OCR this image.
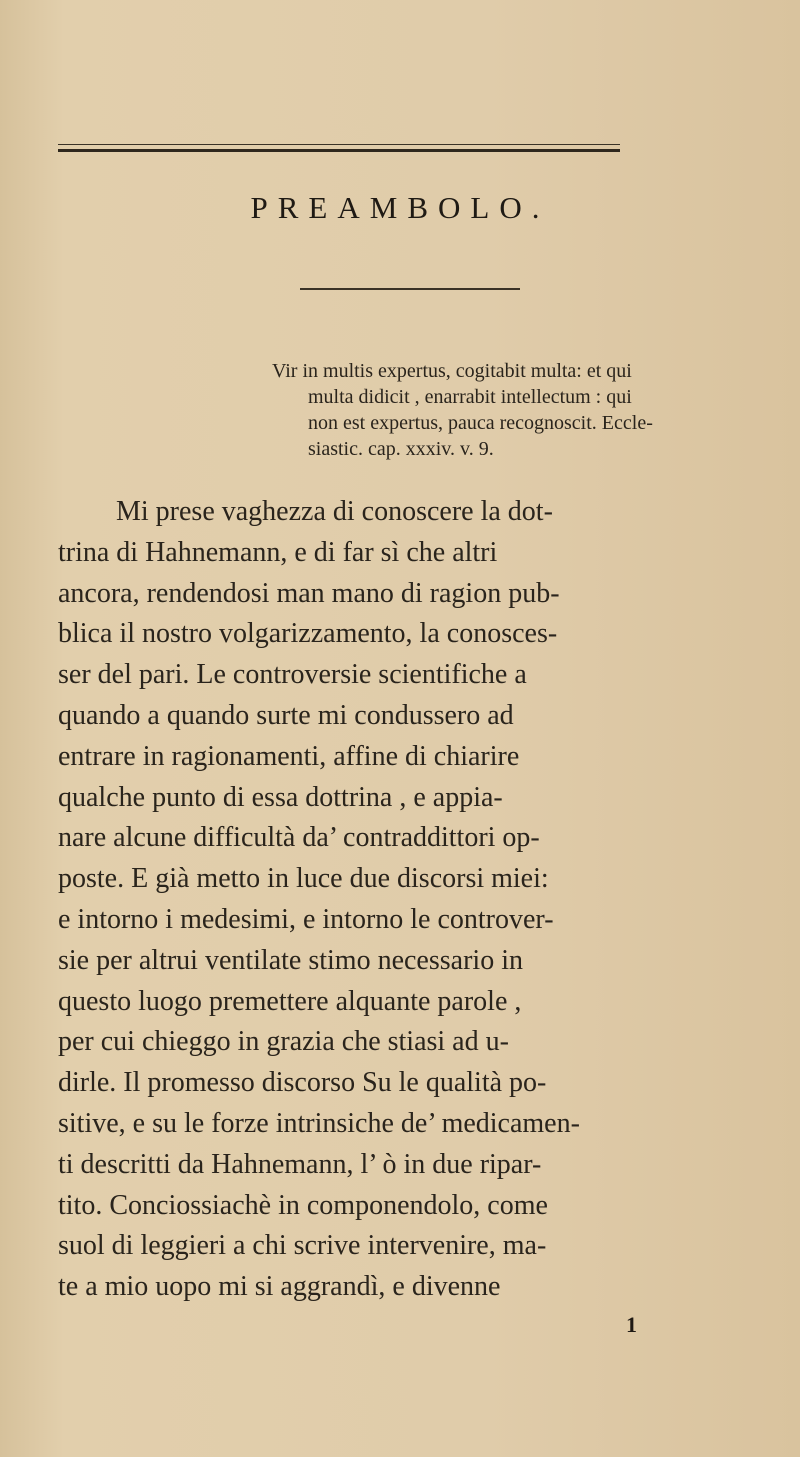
PREAMBOLO.
Vir in multis expertus, cogitabit multa: et qui
multa didicit , enarrabit intellectum : qui
non est expertus, pauca recognoscit. Eccle-
siastic. cap. xxxiv. v. 9.
Mi prese vaghezza di conoscere la dot-
trina di Hahnemann, e di far sì che altri
ancora, rendendosi man mano di ragion pub-
blica il nostro volgarizzamento, la conosces-
ser del pari. Le controversie scientifiche a
quando a quando surte mi condussero ad
entrare in ragionamenti, affine di chiarire
qualche punto di essa dottrina , e appia-
nare alcune difficultà da’ contraddittori op-
poste. E già metto in luce due discorsi miei:
e intorno i medesimi, e intorno le controver-
sie per altrui ventilate stimo necessario in
questo luogo premettere alquante parole ,
per cui chieggo in grazia che stiasi ad u-
dirle. Il promesso discorso Su le qualità po-
sitive, e su le forze intrinsiche de’ medicamen-
ti descritti da Hahnemann, l’ ò in due ripar-
tito. Conciossiachè in componendolo, come
suol di leggieri a chi scrive intervenire, ma-
te a mio uopo mi si aggrandì, e divenne
1
